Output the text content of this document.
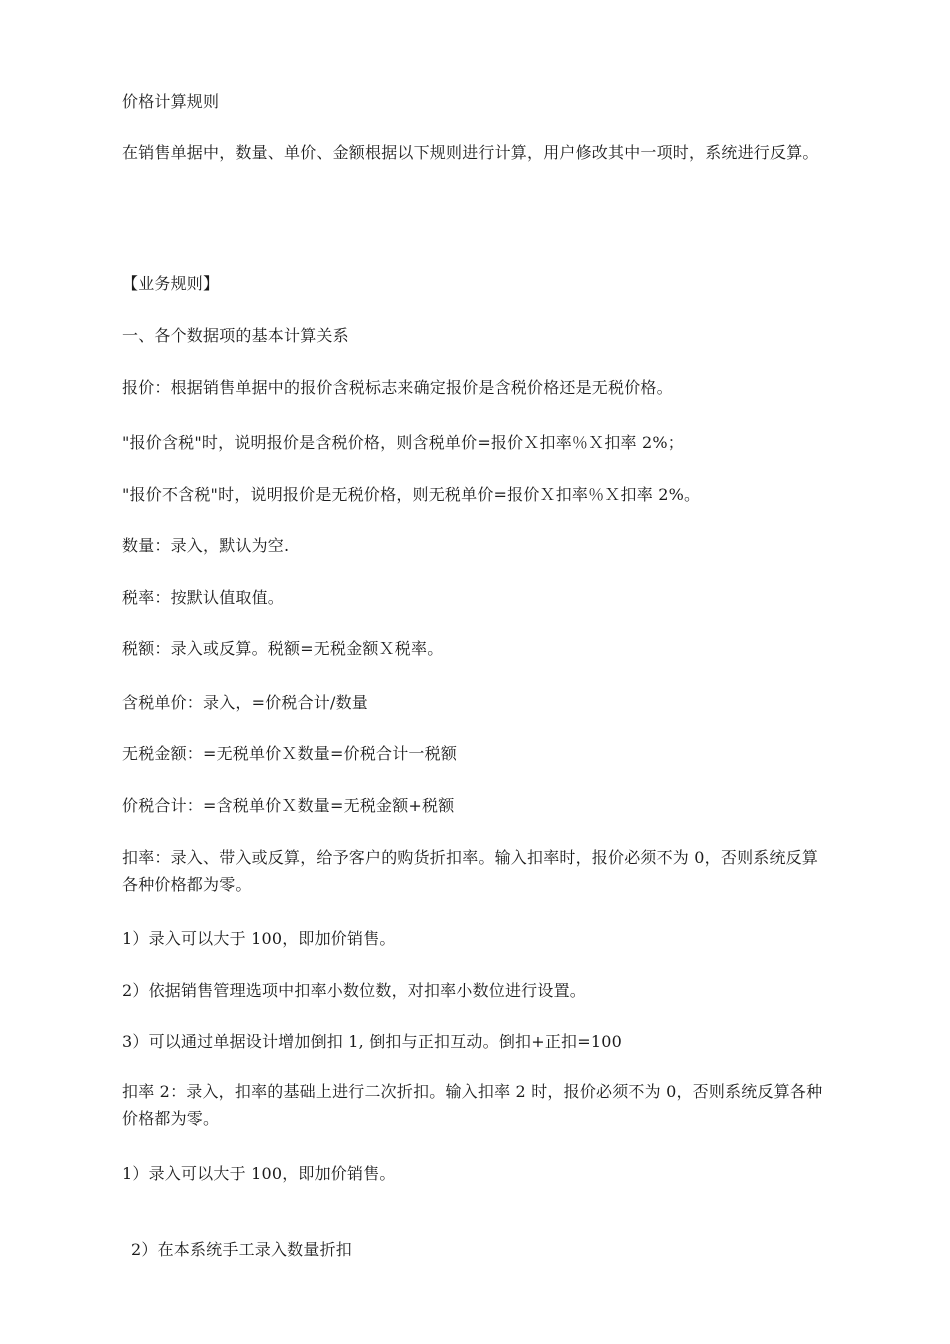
价格计算规则

在销售单据中，数量、单价、金额根据以下规则进行计算，用户修改其中一项时，系统进行反算。

【业务规则】

一、各个数据项的基本计算关系

报价：根据销售单据中的报价含税标志来确定报价是含税价格还是无税价格。

"报价含税"时，说明报价是含税价格，则含税单价=报价Ｘ扣率％Ｘ扣率 2%；

"报价不含税"时，说明报价是无税价格，则无税单价=报价Ｘ扣率％Ｘ扣率 2%。

数量：录入，默认为空.

税率：按默认值取值。

税额：录入或反算。税额=无税金额Ｘ税率。

含税单价：录入，=价税合计/数量

无税金额：=无税单价Ｘ数量=价税合计一税额

价税合计：=含税单价Ｘ数量=无税金额+税额

扣率：录入、带入或反算，给予客户的购货折扣率。输入扣率时，报价必须不为 0，否则系统反算各种价格都为零。

1）录入可以大于 100，即加价销售。

2）依据销售管理选项中扣率小数位数，对扣率小数位进行设置。

3）可以通过单据设计增加倒扣 1, 倒扣与正扣互动。倒扣+正扣=100

扣率 2：录入，扣率的基础上进行二次折扣。输入扣率 2 时，报价必须不为 0，否则系统反算各种价格都为零。

1）录入可以大于 100，即加价销售。

2）在本系统手工录入数量折扣
